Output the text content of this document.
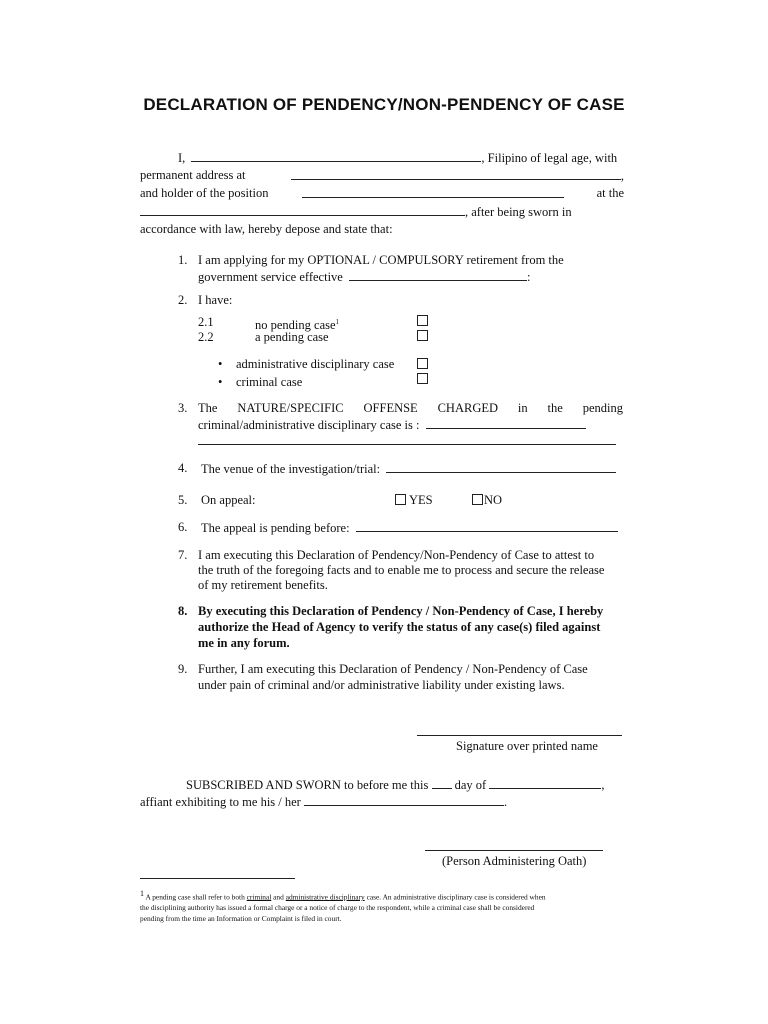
DECLARATION OF PENDENCY/NON-PENDENCY OF CASE
I,	, Filipino of legal age, with
permanent address at	,
and holder of the position	at the
, after being sworn in
accordance with law, hereby depose and state that:
1. I am applying for my OPTIONAL / COMPULSORY retirement from the
government service effective	:
2. I have:
2.1	no pending case$^1$
2.2	a pending case
• administrative disciplinary case
• criminal case
3. The NATURE/SPECIFIC OFFENSE CHARGED in the pending
criminal/administrative disciplinary case is :
4. The venue of the investigation/trial:
5. On appeal:	YES	NO
6. The appeal is pending before:
7. I am executing this Declaration of Pendency/Non-Pendency of Case to attest to
the truth of the foregoing facts and to enable me to process and secure the release
of my retirement benefits.
8. By executing this Declaration of Pendency / Non-Pendency of Case, I hereby
authorize the Head of Agency to verify the status of any case(s) filed against
me in any forum.
9. Further, I am executing this Declaration of Pendency / Non-Pendency of Case
under pain of criminal and/or administrative liability under existing laws.
Signature over printed name
SUBSCRIBED AND SWORN to before me this day of	,
affiant exhibiting to me his / her	.
(Person Administering Oath)
$^1$ A pending case shall refer to both criminal and administrative disciplinary case. An administrative disciplinary case is considered when
the disciplining authority has issued a formal charge or a notice of charge to the respondent, while a criminal case shall be considered
pending from the time an Information or Complaint is filed in court.
